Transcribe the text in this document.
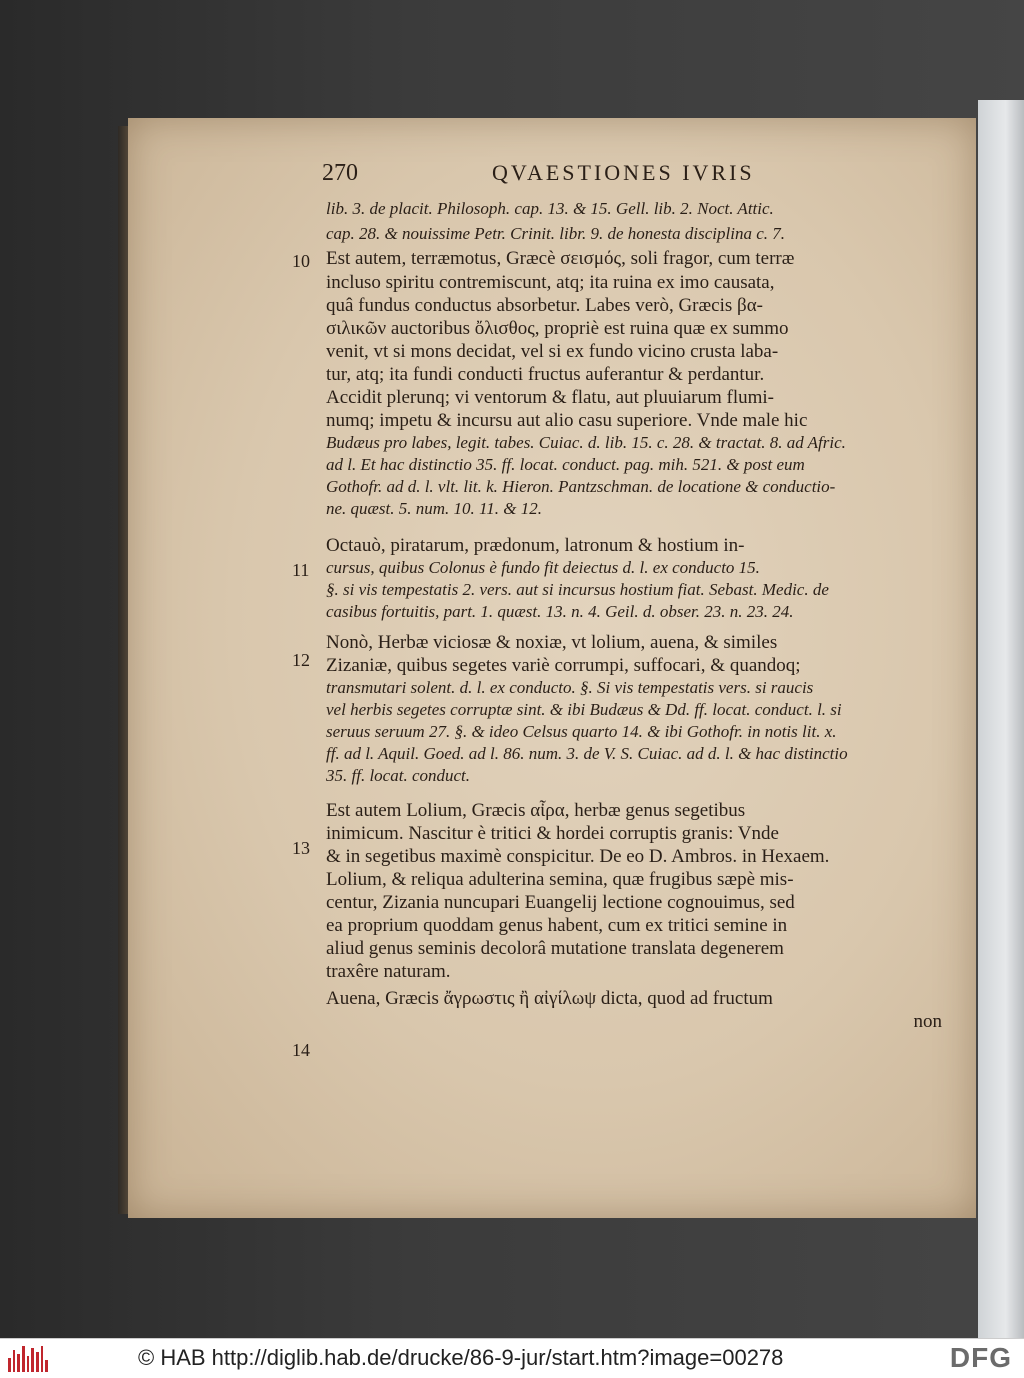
270	QVAESTIONES IVRIS
10
11
12
13
14
lib. 3. de placit. Philosoph. cap. 13. & 15. Gell. lib. 2. Noct. Attic.
cap. 28. & nouissime Petr. Crinit. libr. 9. de honesta disciplina c. 7.
Est autem, terræmotus, Græcè σεισμός, soli fragor, cum terræ
incluso spiritu contremiscunt, atq; ita ruina ex imo causata,
quâ fundus conductus absorbetur. Labes verò, Græcis βα-
σιλικῶν auctoribus ὄλισθος, propriè est ruina quæ ex summo
venit, vt si mons decidat, vel si ex fundo vicino crusta laba-
tur, atq; ita fundi conducti fructus auferantur & perdantur.
Accidit plerunq; vi ventorum & flatu, aut pluuiarum flumi-
numq; impetu & incursu aut alio casu superiore. Vnde male hic
Budæus pro labes, legit. tabes. Cuiac. d. lib. 15. c. 28. & tractat. 8. ad Afric.
ad l. Et hac distinctio 35. ff. locat. conduct. pag. mih. 521. & post eum
Gothofr. ad d. l. vlt. lit. k. Hieron. Pantzschman. de locatione & conductio-
ne. quæst. 5. num. 10. 11. & 12.
Octauò, piratarum, prædonum, latronum & hostium in-
cursus, quibus Colonus è fundo fit deiectus d. l. ex conducto 15.
§. si vis tempestatis 2. vers. aut si incursus hostium fiat. Sebast. Medic. de
casibus fortuitis, part. 1. quæst. 13. n. 4. Geil. d. obser. 23. n. 23. 24.
Nonò, Herbæ viciosæ & noxiæ, vt lolium, auena, & similes
Zizaniæ, quibus segetes variè corrumpi, suffocari, & quandoq;
transmutari solent. d. l. ex conducto. §. Si vis tempestatis vers. si raucis
vel herbis segetes corruptæ sint. & ibi Budæus & Dd. ff. locat. conduct. l. si
seruus seruum 27. §. & ideo Celsus quarto 14. & ibi Gothofr. in notis lit. x.
ff. ad l. Aquil. Goed. ad l. 86. num. 3. de V. S. Cuiac. ad d. l. & hac distinctio
35. ff. locat. conduct.
Est autem Lolium, Græcis αἶρα, herbæ genus segetibus
inimicum. Nascitur è tritici & hordei corruptis granis: Vnde
& in segetibus maximè conspicitur. De eo D. Ambros. in Hexaem.
Lolium, & reliqua adulterina semina, quæ frugibus sæpè mis-
centur, Zizania nuncupari Euangelij lectione cognouimus, sed
ea proprium quoddam genus habent, cum ex tritici semine in
aliud genus seminis decolorâ mutatione translata degenerem
traxêre naturam.
Auena, Græcis ἄγρωστις ἢ αἰγίλωψ dicta, quod ad fructum
non
© HAB http://diglib.hab.de/drucke/86-9-jur/start.htm?image=00278	DFG
